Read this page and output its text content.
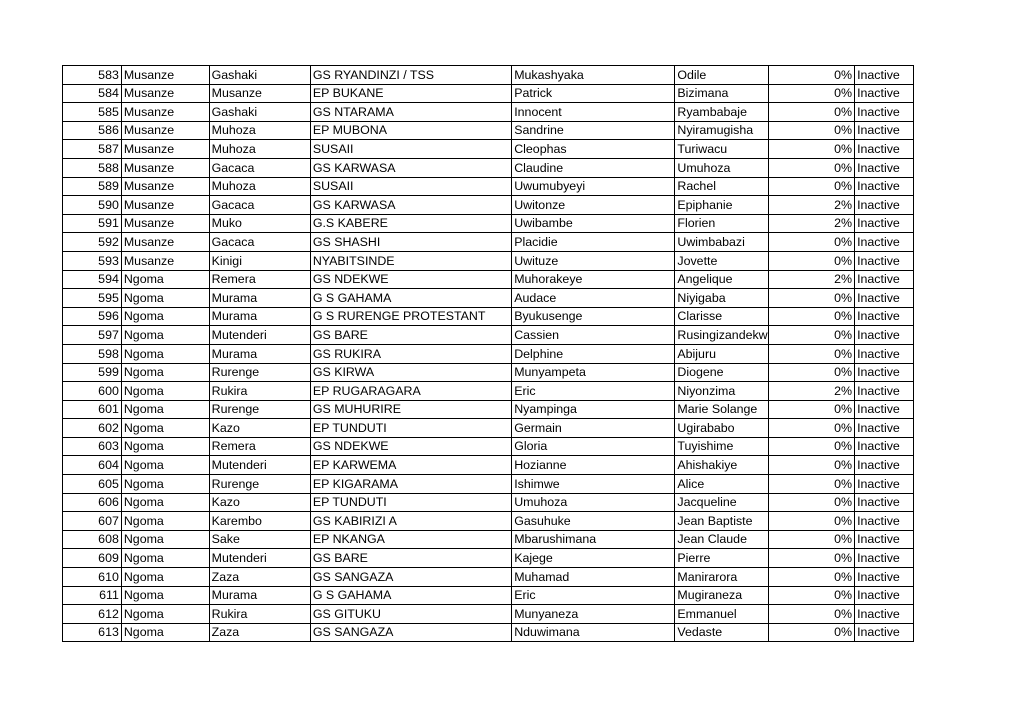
583	Musanze	Gashaki	GS RYANDINZI / TSS	Mukashyaka	Odile	0%	Inactive
584	Musanze	Musanze	EP BUKANE	Patrick	Bizimana	0%	Inactive
585	Musanze	Gashaki	GS NTARAMA	Innocent	Ryambabaje	0%	Inactive
586	Musanze	Muhoza	EP MUBONA	Sandrine	Nyiramugisha	0%	Inactive
587	Musanze	Muhoza	SUSAII	Cleophas	Turiwacu	0%	Inactive
588	Musanze	Gacaca	GS KARWASA	Claudine	Umuhoza	0%	Inactive
589	Musanze	Muhoza	SUSAII	Uwumubyeyi	Rachel	0%	Inactive
590	Musanze	Gacaca	GS KARWASA	Uwitonze	Epiphanie	2%	Inactive
591	Musanze	Muko	G.S KABERE	Uwibambe	Florien	2%	Inactive
592	Musanze	Gacaca	GS SHASHI	Placidie	Uwimbabazi	0%	Inactive
593	Musanze	Kinigi	NYABITSINDE	Uwituze	Jovette	0%	Inactive
594	Ngoma	Remera	GS NDEKWE	Muhorakeye	Angelique	2%	Inactive
595	Ngoma	Murama	G S GAHAMA	Audace	Niyigaba	0%	Inactive
596	Ngoma	Murama	G S RURENGE PROTESTANT	Byukusenge	Clarisse	0%	Inactive
597	Ngoma	Mutenderi	GS BARE	Cassien	Rusingizandekw	0%	Inactive
598	Ngoma	Murama	GS RUKIRA	Delphine	Abijuru	0%	Inactive
599	Ngoma	Rurenge	GS KIRWA	Munyampeta	Diogene	0%	Inactive
600	Ngoma	Rukira	EP RUGARAGARA	Eric	Niyonzima	2%	Inactive
601	Ngoma	Rurenge	GS MUHURIRE	Nyampinga	Marie Solange	0%	Inactive
602	Ngoma	Kazo	EP TUNDUTI	Germain	Ugirababo	0%	Inactive
603	Ngoma	Remera	GS NDEKWE	Gloria	Tuyishime	0%	Inactive
604	Ngoma	Mutenderi	EP KARWEMA	Hozianne	Ahishakiye	0%	Inactive
605	Ngoma	Rurenge	EP KIGARAMA	Ishimwe	Alice	0%	Inactive
606	Ngoma	Kazo	EP TUNDUTI	Umuhoza	Jacqueline	0%	Inactive
607	Ngoma	Karembo	GS KABIRIZI A	Gasuhuke	Jean Baptiste	0%	Inactive
608	Ngoma	Sake	EP NKANGA	Mbarushimana	Jean Claude	0%	Inactive
609	Ngoma	Mutenderi	GS BARE	Kajege	Pierre	0%	Inactive
610	Ngoma	Zaza	GS SANGAZA	Muhamad	Manirarora	0%	Inactive
611	Ngoma	Murama	G S GAHAMA	Eric	Mugiraneza	0%	Inactive
612	Ngoma	Rukira	GS GITUKU	Munyaneza	Emmanuel	0%	Inactive
613	Ngoma	Zaza	GS SANGAZA	Nduwimana	Vedaste	0%	Inactive
